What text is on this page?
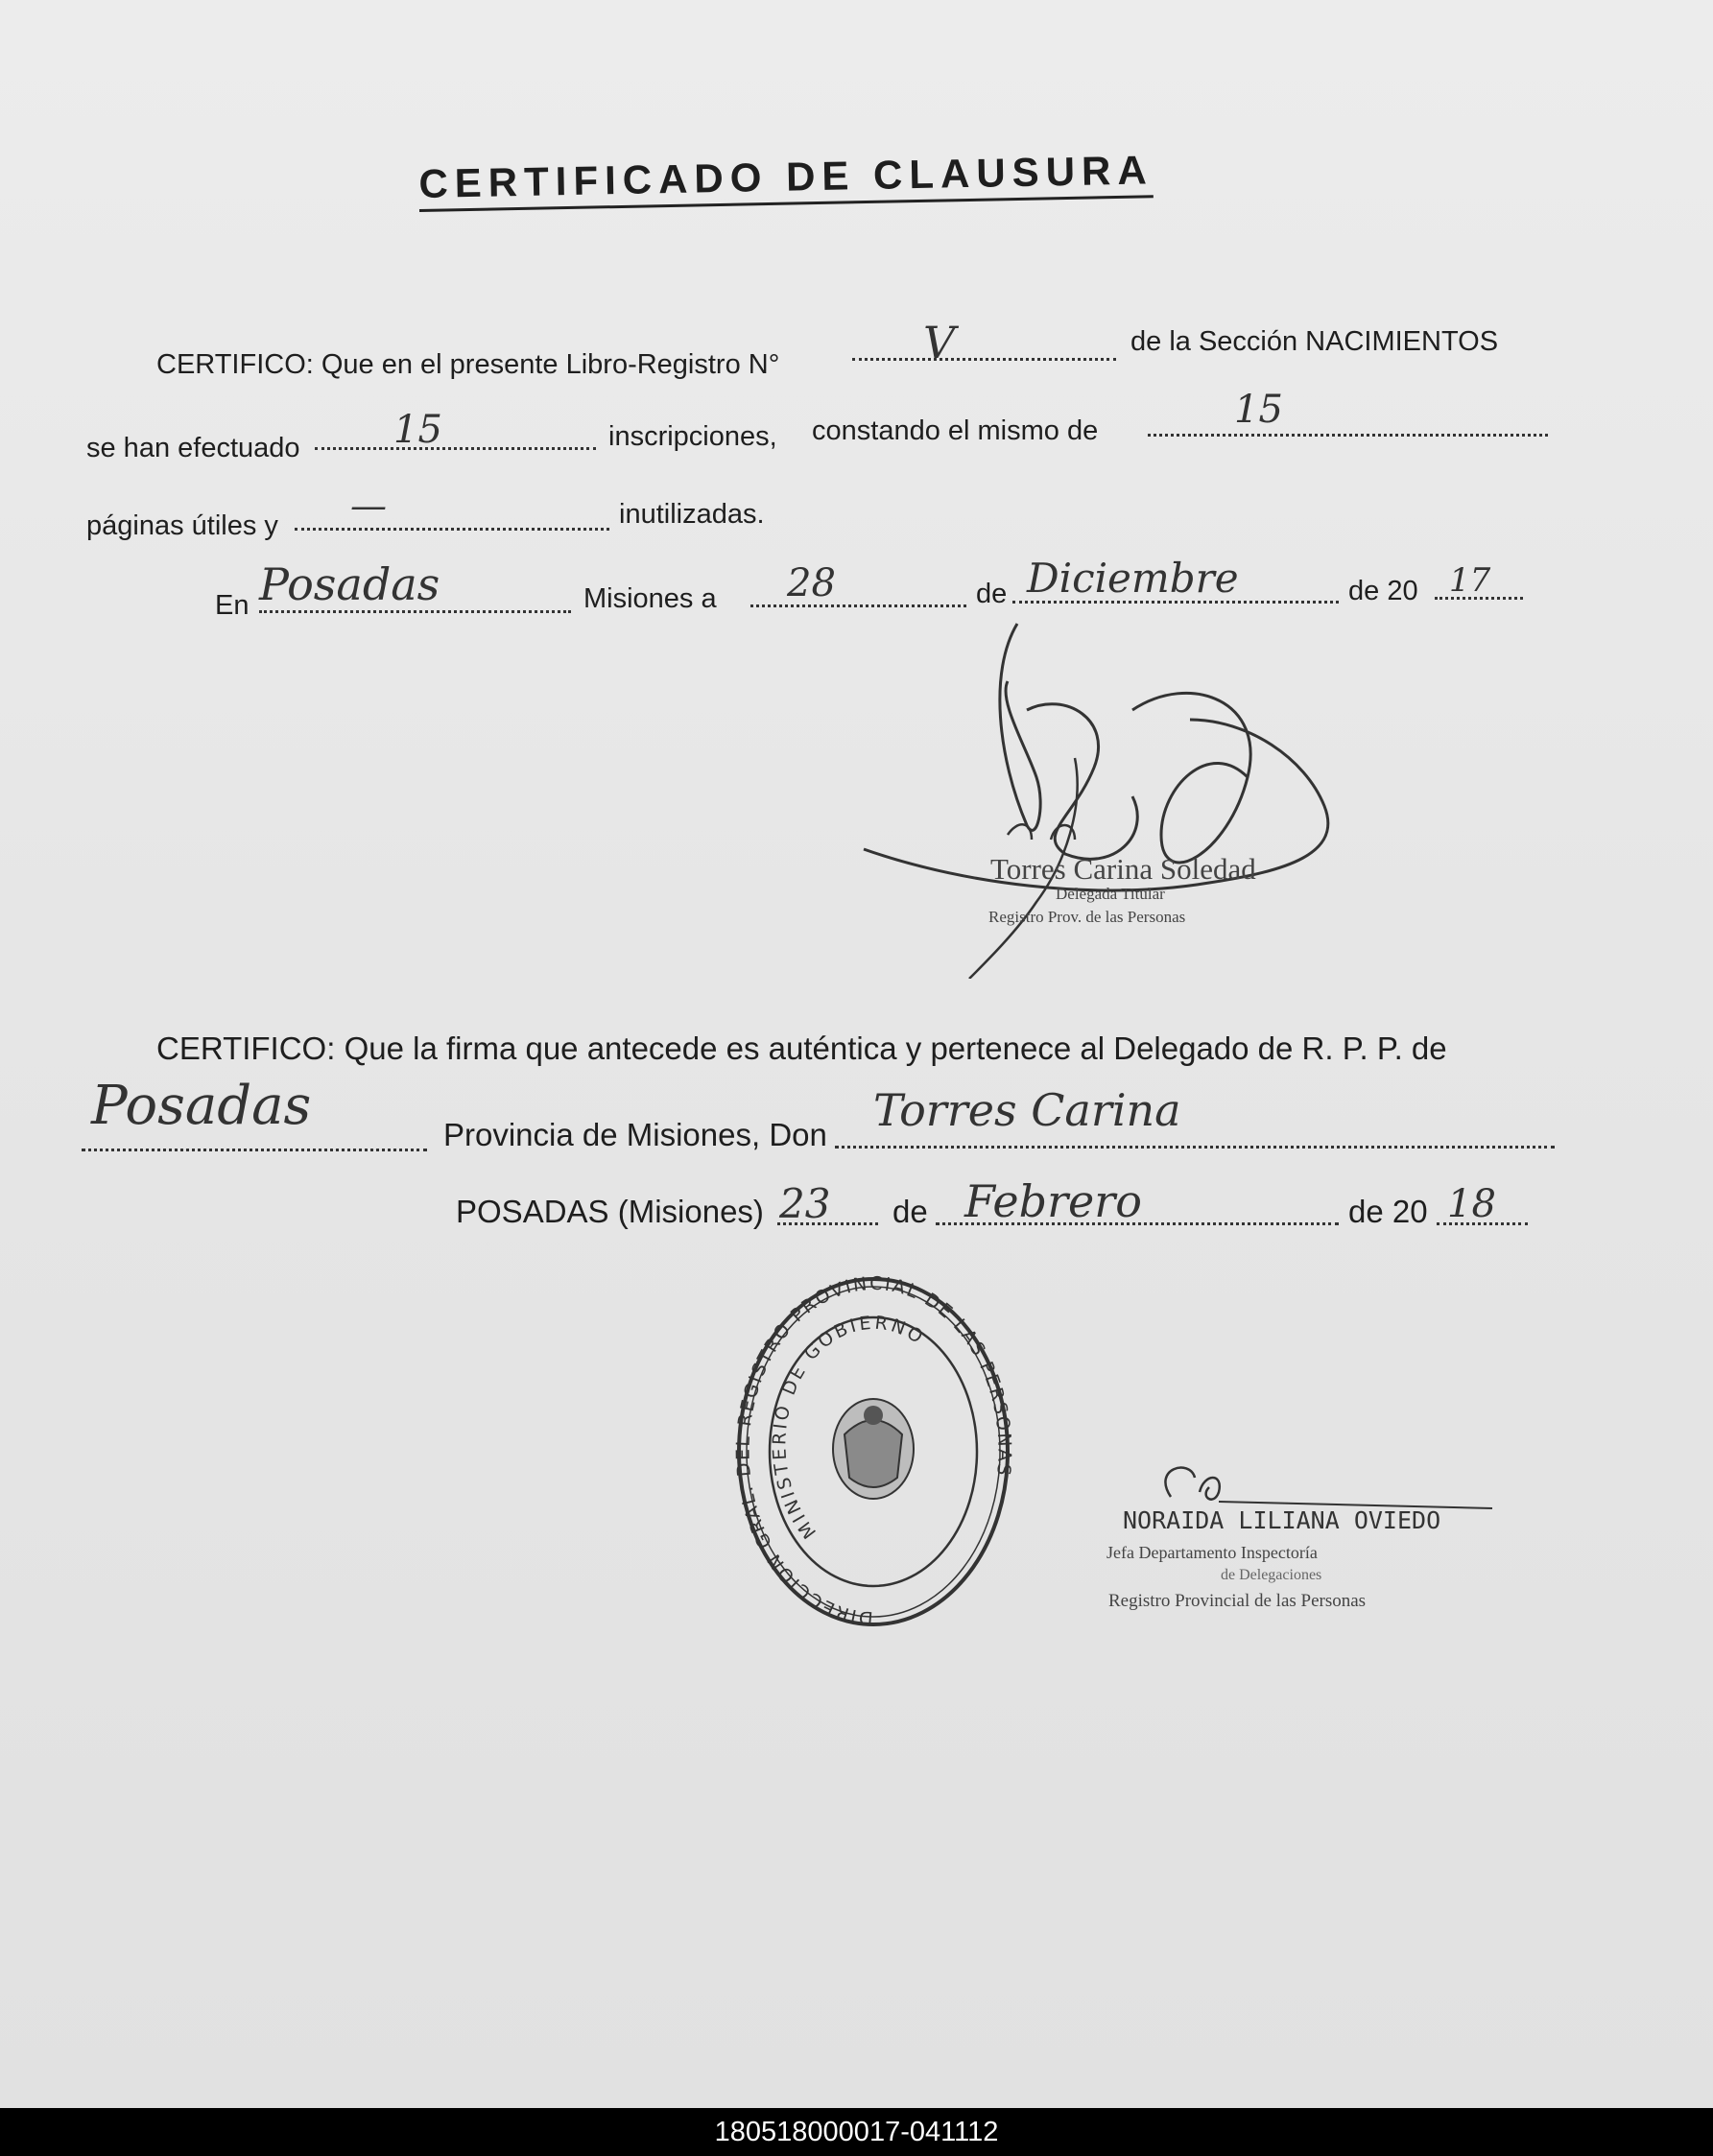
CERTIFICADO DE CLAUSURA
CERTIFICO: Que en el presente Libro-Registro N°	V	de la Sección NACIMIENTOS
se han efectuado 15	inscripciones, constando el mismo de	15
páginas útiles y —	inutilizadas.
En Posadas	Misiones a 28	de Diciembre	de 20 17
Torres Carina Soledad
Delegada Titular
Registro Prov. de las Personas
CERTIFICO: Que la firma que antecede es auténtica y pertenece al Delegado de R. P. P. de
Posadas	Provincia de Misiones, Don Torres Carina
POSADAS (Misiones) 23 de Febrero	de 20 18
DIRECCION GRAL. DEL REGISTRO PROVINCIAL DE LAS PERSONAS
MINISTERIO DE GOBIERNO
NORAIDA LILIANA OVIEDO
Jefa Departamento Inspectoría
de Delegaciones
Registro Provincial de las Personas
180518000017-041112
